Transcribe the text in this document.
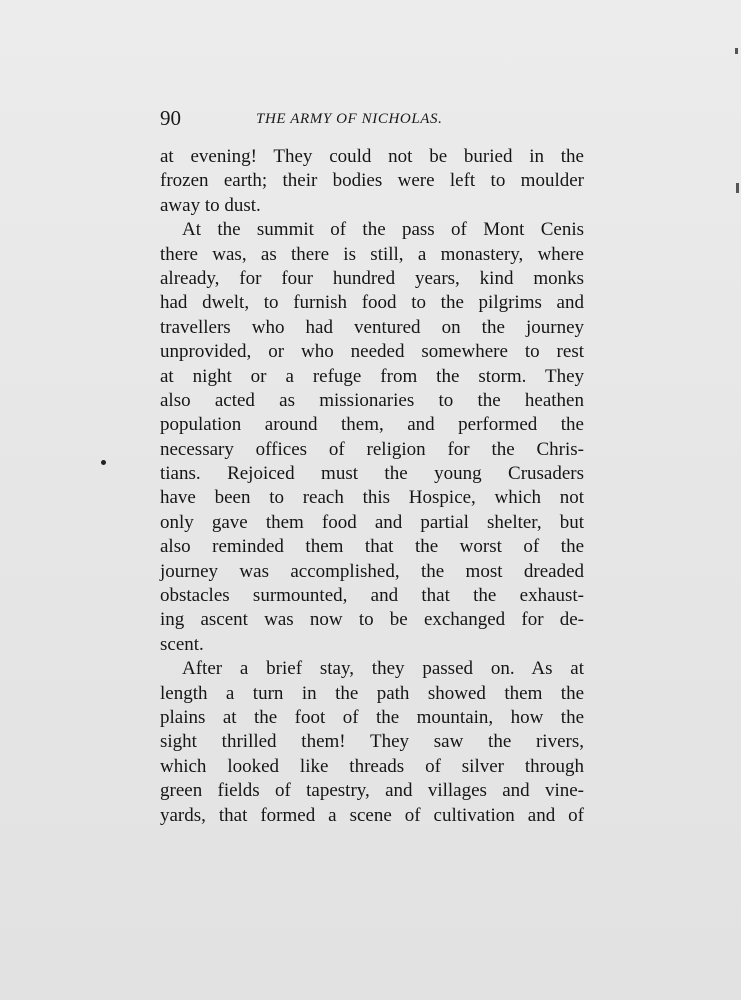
90	THE ARMY OF NICHOLAS.
at evening! They could not be buried in the
frozen earth; their bodies were left to moulder
away to dust.
At the summit of the pass of Mont Cenis
there was, as there is still, a monastery, where
already, for four hundred years, kind monks
had dwelt, to furnish food to the pilgrims and
travellers who had ventured on the journey
unprovided, or who needed somewhere to rest
at night or a refuge from the storm. They
also acted as missionaries to the heathen
population around them, and performed the
necessary offices of religion for the Chris-
tians. Rejoiced must the young Crusaders
have been to reach this Hospice, which not
only gave them food and partial shelter, but
also reminded them that the worst of the
journey was accomplished, the most dreaded
obstacles surmounted, and that the exhaust-
ing ascent was now to be exchanged for de-
scent.
After a brief stay, they passed on. As at
length a turn in the path showed them the
plains at the foot of the mountain, how the
sight thrilled them! They saw the rivers,
which looked like threads of silver through
green fields of tapestry, and villages and vine-
yards, that formed a scene of cultivation and of
